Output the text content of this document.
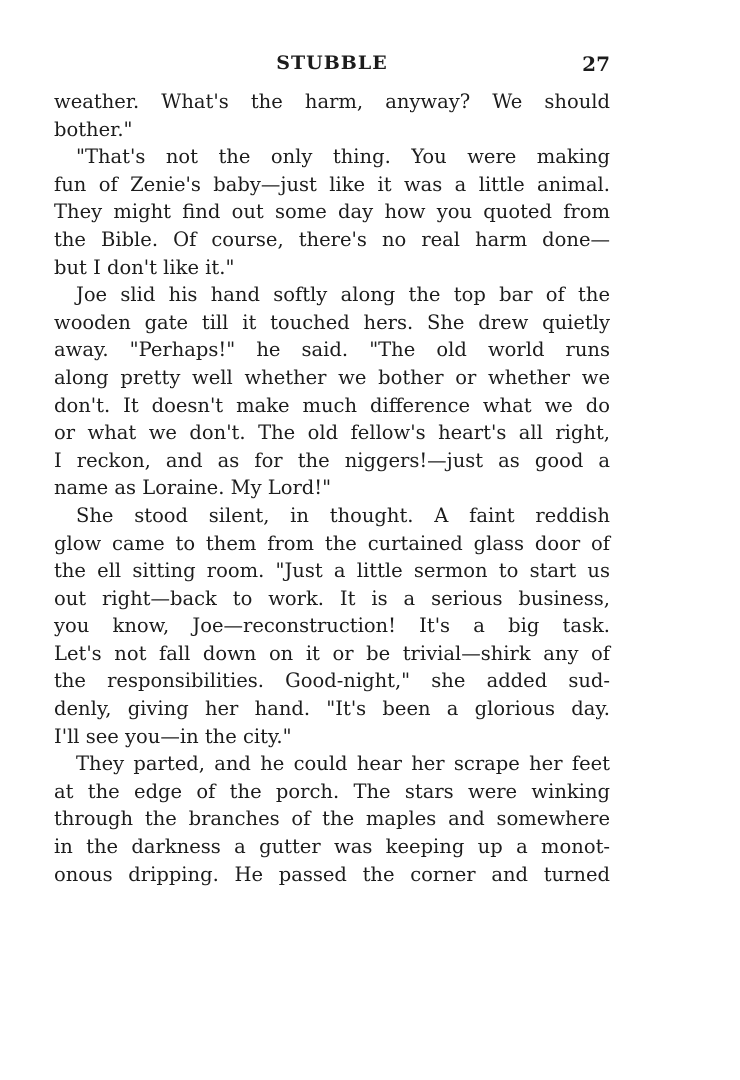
STUBBLE	27
weather. What's the harm, anyway? We should
bother."
"That's not the only thing. You were making
fun of Zenie's baby—just like it was a little animal.
They might find out some day how you quoted from
the Bible. Of course, there's no real harm done—
but I don't like it."
Joe slid his hand softly along the top bar of the
wooden gate till it touched hers. She drew quietly
away. "Perhaps!" he said. "The old world runs
along pretty well whether we bother or whether we
don't. It doesn't make much difference what we do
or what we don't. The old fellow's heart's all right,
I reckon, and as for the niggers!—just as good a
name as Loraine. My Lord!"
She stood silent, in thought. A faint reddish
glow came to them from the curtained glass door of
the ell sitting room. "Just a little sermon to start us
out right—back to work. It is a serious business,
you know, Joe—reconstruction! It's a big task.
Let's not fall down on it or be trivial—shirk any of
the responsibilities. Good-night," she added sud-
denly, giving her hand. "It's been a glorious day.
I'll see you—in the city."
They parted, and he could hear her scrape her feet
at the edge of the porch. The stars were winking
through the branches of the maples and somewhere
in the darkness a gutter was keeping up a monot-
onous dripping. He passed the corner and turned
